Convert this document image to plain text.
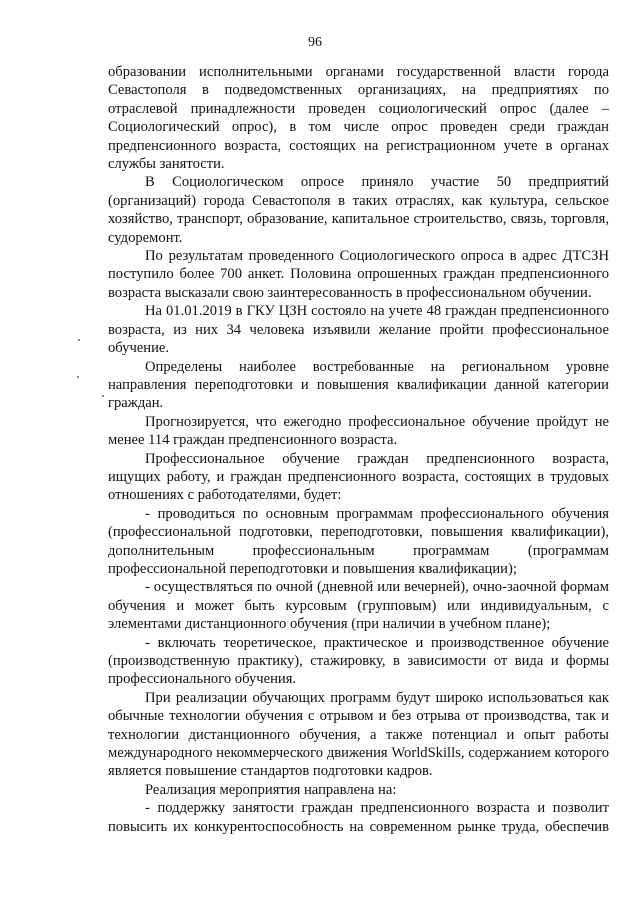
96

образовании исполнительными органами государственной власти города Севастополя в подведомственных организациях, на предприятиях по отраслевой принадлежности проведен социологический опрос (далее – Социологический опрос), в том числе опрос проведен среди граждан предпенсионного возраста, состоящих на регистрационном учете в органах службы занятости.

В Социологическом опросе приняло участие 50 предприятий (организаций) города Севастополя в таких отраслях, как культура, сельское хозяйство, транспорт, образование, капитальное строительство, связь, торговля, судоремонт.

По результатам проведенного Социологического опроса в адрес ДТСЗН поступило более 700 анкет. Половина опрошенных граждан предпенсионного возраста высказали свою заинтересованность в профессиональном обучении.

На 01.01.2019 в ГКУ ЦЗН состояло на учете 48 граждан предпенсионного возраста, из них 34 человека изъявили желание пройти профессиональное обучение.

Определены наиболее востребованные на региональном уровне направления переподготовки и повышения квалификации данной категории граждан.

Прогнозируется, что ежегодно профессиональное обучение пройдут не менее 114 граждан предпенсионного возраста.

Профессиональное обучение граждан предпенсионного возраста, ищущих работу, и граждан предпенсионного возраста, состоящих в трудовых отношениях с работодателями, будет:

- проводиться по основным программам профессионального обучения (профессиональной подготовки, переподготовки, повышения квалификации), дополнительным профессиональным программам (программам профессиональной переподготовки и повышения квалификации);

- осуществляться по очной (дневной или вечерней), очно-заочной формам обучения и может быть курсовым (групповым) или индивидуальным, с элементами дистанционного обучения (при наличии в учебном плане);

- включать теоретическое, практическое и производственное обучение (производственную практику), стажировку, в зависимости от вида и формы профессионального обучения.

При реализации обучающих программ будут широко использоваться как обычные технологии обучения с отрывом и без отрыва от производства, так и технологии дистанционного обучения, а также потенциал и опыт работы международного некоммерческого движения WorldSkills, содержанием которого является повышение стандартов подготовки кадров.

Реализация мероприятия направлена на:

- поддержку занятости граждан предпенсионного возраста и позволит повысить их конкурентоспособность на современном рынке труда, обеспечив
